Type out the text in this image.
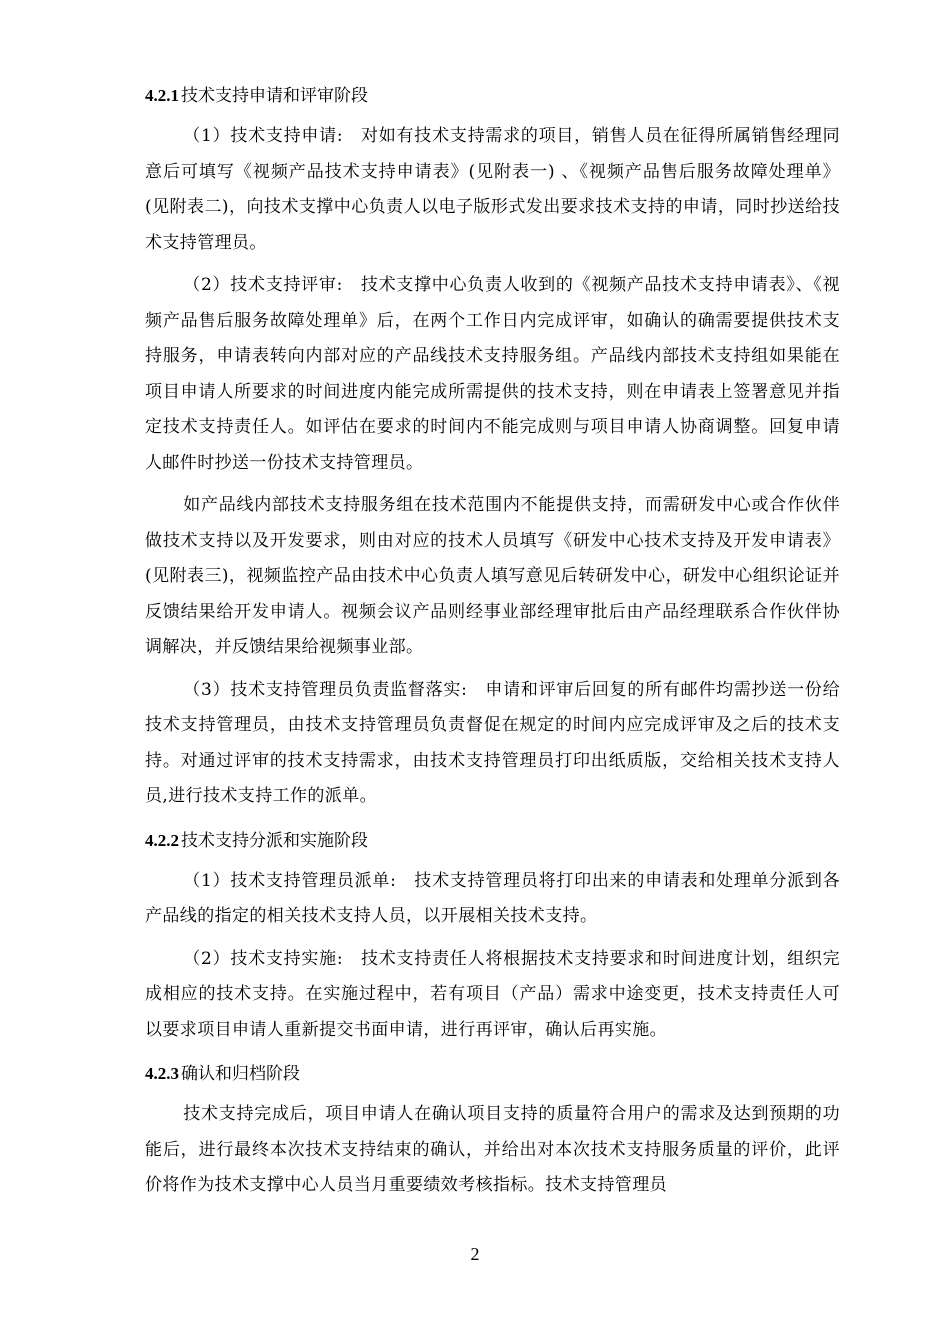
4.2.1 技术支持申请和评审阶段

（1）技术支持申请:　对如有技术支持需求的项目，销售人员在征得所属销售经理同意后可填写《视频产品技术支持申请表》(见附表一) 、《视频产品售后服务故障处理单》(见附表二)，向技术支撑中心负责人以电子版形式发出要求技术支持的申请，同时抄送给技术支持管理员。

（2）技术支持评审:　技术支撑中心负责人收到的《视频产品技术支持申请表》、《视频产品售后服务故障处理单》后，在两个工作日内完成评审，如确认的确需要提供技术支持服务，申请表转向内部对应的产品线技术支持服务组。产品线内部技术支持组如果能在项目申请人所要求的时间进度内能完成所需提供的技术支持，则在申请表上签署意见并指定技术支持责任人。如评估在要求的时间内不能完成则与项目申请人协商调整。回复申请人邮件时抄送一份技术支持管理员。

如产品线内部技术支持服务组在技术范围内不能提供支持，而需研发中心或合作伙伴做技术支持以及开发要求，则由对应的技术人员填写《研发中心技术支持及开发申请表》(见附表三)，视频监控产品由技术中心负责人填写意见后转研发中心，研发中心组织论证并反馈结果给开发申请人。视频会议产品则经事业部经理审批后由产品经理联系合作伙伴协调解决，并反馈结果给视频事业部。

（3）技术支持管理员负责监督落实:　申请和评审后回复的所有邮件均需抄送一份给技术支持管理员，由技术支持管理员负责督促在规定的时间内应完成评审及之后的技术支持。对通过评审的技术支持需求，由技术支持管理员打印出纸质版，交给相关技术支持人员,进行技术支持工作的派单。

4.2.2 技术支持分派和实施阶段

（1）技术支持管理员派单:　技术支持管理员将打印出来的申请表和处理单分派到各产品线的指定的相关技术支持人员，以开展相关技术支持。

（2）技术支持实施:　技术支持责任人将根据技术支持要求和时间进度计划，组织完成相应的技术支持。在实施过程中，若有项目（产品）需求中途变更，技术支持责任人可以要求项目申请人重新提交书面申请，进行再评审，确认后再实施。

4.2.3 确认和归档阶段

技术支持完成后，项目申请人在确认项目支持的质量符合用户的需求及达到预期的功能后，进行最终本次技术支持结束的确认，并给出对本次技术支持服务质量的评价，此评价将作为技术支撑中心人员当月重要绩效考核指标。技术支持管理员

2
